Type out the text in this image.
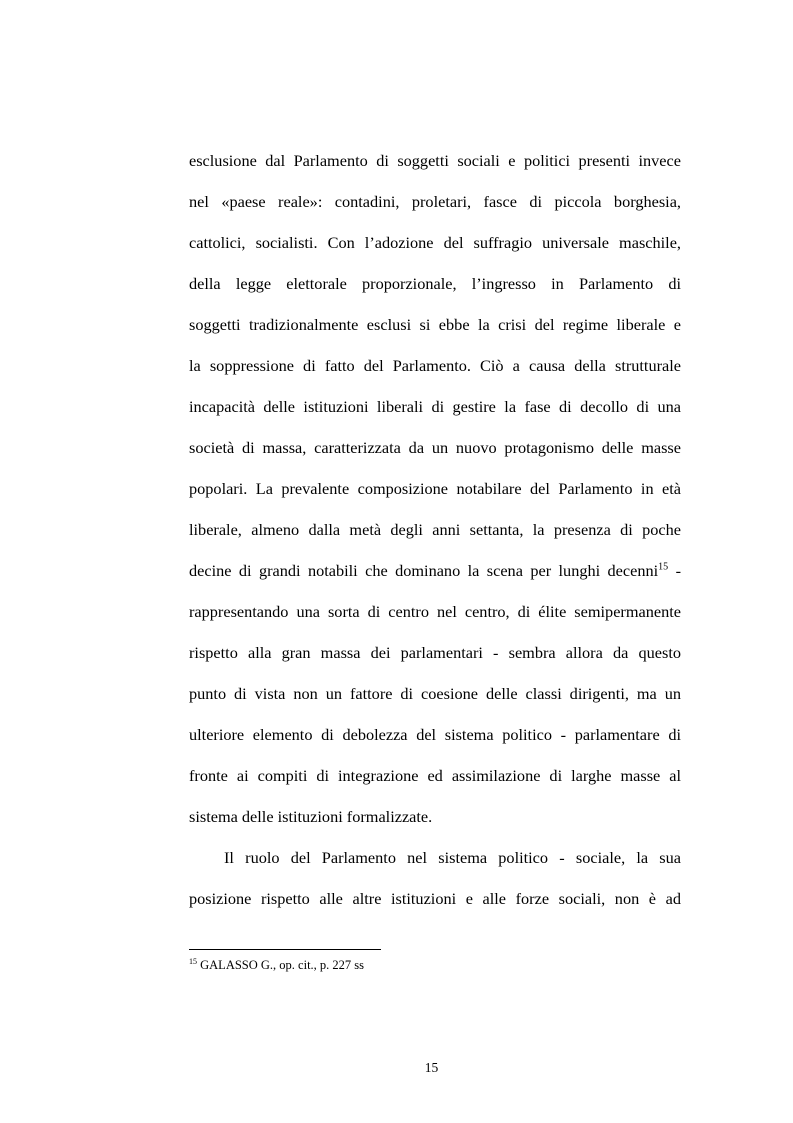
esclusione dal Parlamento di soggetti sociali e politici presenti invece
nel «paese reale»: contadini, proletari, fasce di piccola borghesia,
cattolici, socialisti. Con l’adozione del suffragio universale maschile,
della legge elettorale proporzionale, l’ingresso in Parlamento di
soggetti tradizionalmente esclusi si ebbe la crisi del regime liberale e
la soppressione di fatto del Parlamento. Ciò a causa della strutturale
incapacità delle istituzioni liberali di gestire la fase di decollo di una
società di massa, caratterizzata da un nuovo protagonismo delle masse
popolari. La prevalente composizione notabilare del Parlamento in età
liberale, almeno dalla metà degli anni settanta, la presenza di poche
decine di grandi notabili che dominano la scena per lunghi decenni$^{15}$ -
rappresentando una sorta di centro nel centro, di élite semipermanente
rispetto alla gran massa dei parlamentari - sembra allora da questo
punto di vista non un fattore di coesione delle classi dirigenti, ma un
ulteriore elemento di debolezza del sistema politico - parlamentare di
fronte ai compiti di integrazione ed assimilazione di larghe masse al
sistema delle istituzioni formalizzate.
Il ruolo del Parlamento nel sistema politico - sociale, la sua
posizione rispetto alle altre istituzioni e alle forze sociali, non è ad
$^{15}$ GALASSO G., op. cit., p. 227 ss
15
